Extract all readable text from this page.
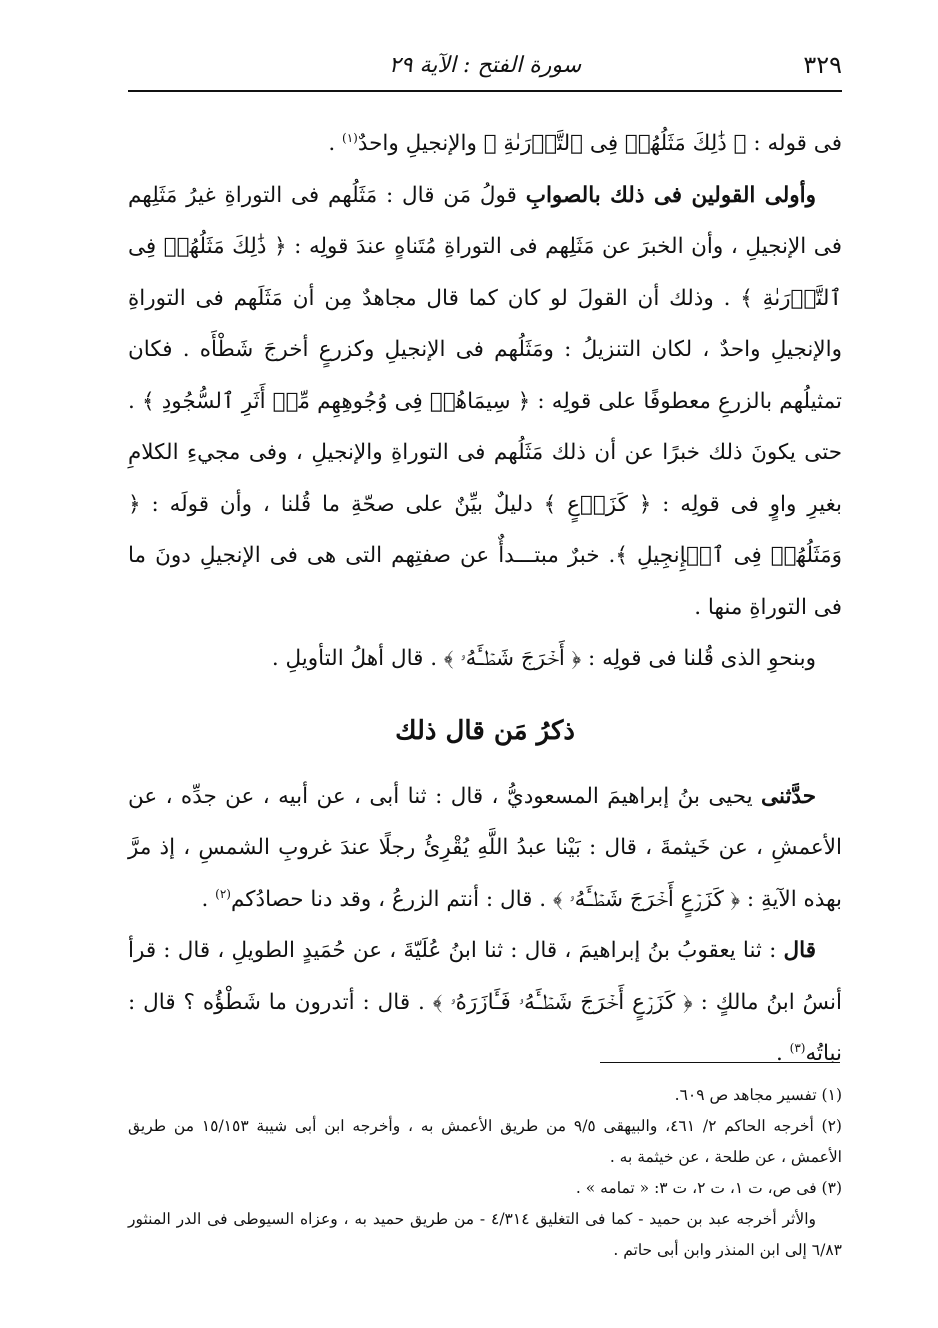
٣٢٩
سورة الفتح : الآية ٢٩

فى قوله : ﴿ ذَٰلِكَ مَثَلُهُمۡ فِى ٱلتَّوۡرَىٰةِ ﴾ والإنجيلِ واحدٌ$^{(١)}$ .

وأولى القولين فى ذلك بالصوابِ قولُ مَن قال : مَثَلُهم فى التوراةِ غيرُ مَثَلِهم فى الإنجيلِ ، وأن الخبرَ عن مَثَلِهم فى التوراةِ مُتَناهٍ عندَ قولِه : ﴿ ذَٰلِكَ مَثَلُهُمۡ فِى ٱلتَّوۡرَىٰةِ ﴾ . وذلك أن القولَ لو كان كما قال مجاهدٌ مِن أن مَثَلَهم فى التوراةِ والإنجيلِ واحدٌ ، لكان التنزيلُ : ومَثَلُهم فى الإنجيلِ وكزرعٍ أخرجَ شَطْأَه . فكان تمثيلُهم بالزرعِ معطوفًا على قولِه : ﴿ سِيمَاهُمۡ فِى وُجُوهِهِم مِّنۡ أَثَرِ ٱلسُّجُودِ ﴾ . حتى يكونَ ذلك خبرًا عن أن ذلك مَثَلُهم فى التوراةِ والإنجيلِ ، وفى مجيءِ الكلامِ بغيرِ واوٍ فى قولِه : ﴿ كَزَرۡعٍ ﴾ دليلٌ بيِّنٌ على صحّةِ ما قُلنا ، وأن قولَه : ﴿ وَمَثَلُهُمۡ فِى ٱلۡإِنجِيلِ ﴾. خبرٌ مبتـــدأٌ عن صفتِهم التى هى فى الإنجيلِ دونَ ما فى التوراةِ منها .

وبنحوِ الذى قُلنا فى قولِه : ﴿ أَخۡرَجَ شَطۡـَٔهُۥ ﴾ . قال أهلُ التأويلِ .

ذكرُ مَن قال ذلك

حدَّثنى يحيى بنُ إبراهيمَ المسعوديُّ ، قال : ثنا أبى ، عن أبيه ، عن جدِّه ، عن الأعمشِ ، عن خَيثمةَ ، قال : بَيْنا عبدُ اللَّهِ يُقْرِئُ رجلًا عندَ غروبِ الشمسِ ، إذ مرَّ بهذه الآيةِ : ﴿ كَزَرۡعٍ أَخۡرَجَ شَطۡـَٔهُۥ ﴾ . قال : أنتم الزرعُ ، وقد دنا حصادُكم$^{(٢)}$ .

قال : ثنا يعقوبُ بنُ إبراهيمَ ، قال : ثنا ابنُ عُلَيّةَ ، عن حُمَيدٍ الطويلِ ، قال : قرأ أنسُ ابنُ مالكٍ : ﴿ كَزَرۡعٍ أَخۡرَجَ شَطۡـَٔهُۥ فَـَٔازَرَهُۥ ﴾ . قال : أتدرون ما شَطْؤُه ؟ قال : نباتُه$^{(٣)}$ .

(١) تفسير مجاهد ص ٦٠٩.

(٢) أخرجه الحاكم ٢/ ٤٦١، والبيهقى ٩/٥ من طريق الأعمش به ، وأخرجه ابن أبى شيبة ١٥/١٥٣ من طريق الأعمش ، عن طلحة ، عن خيثمة به .

(٣) فى ص، ت ١، ت ٢، ت ٣: « تمامه » .

والأثر أخرجه عبد بن حميد - كما فى التغليق ٤/٣١٤ - من طريق حميد به ، وعزاه السيوطى فى الدر المنثور ٦/٨٣ إلى ابن المنذر وابن أبى حاتم .
